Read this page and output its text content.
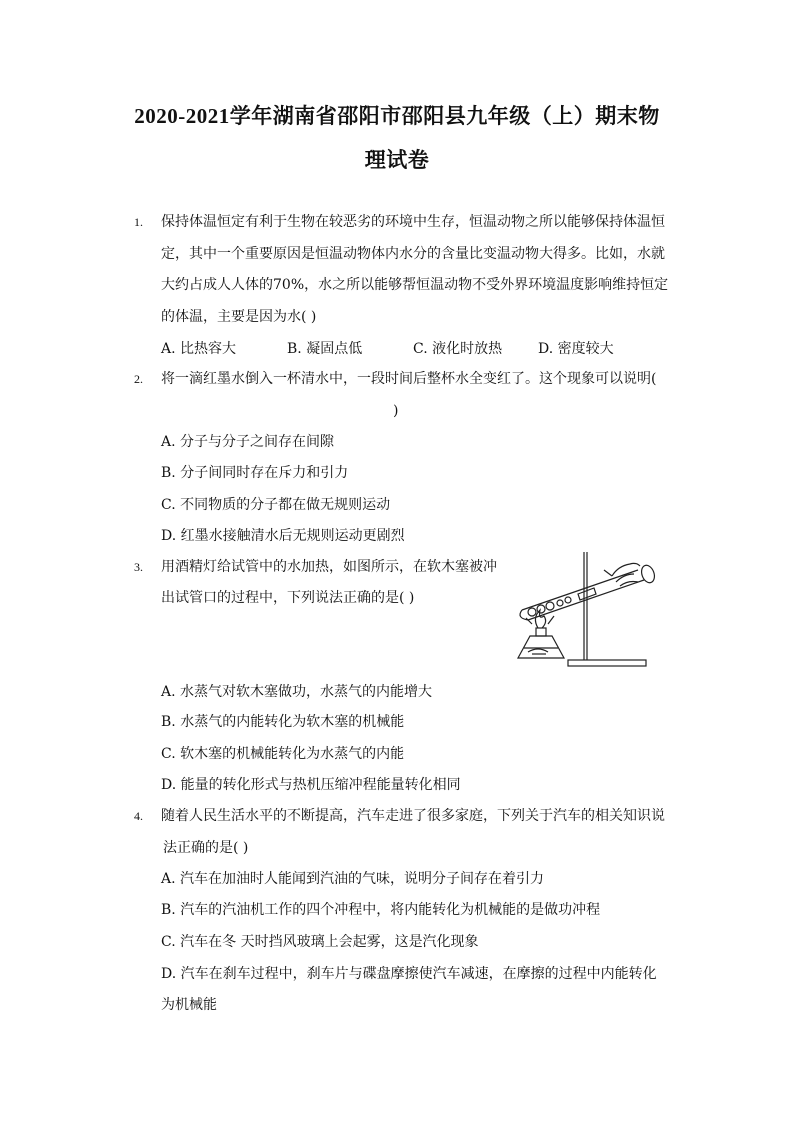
2020-2021学年湖南省邵阳市邵阳县九年级（上）期末物
理试卷
1. 保持体温恒定有利于生物在较恶劣的环境中生存，恒温动物之所以能够保持体温恒
定，其中一个重要原因是恒温动物体内水分的含量比变温动物大得多。比如，水就
大约占成人人体的70%，水之所以能够帮恒温动物不受外界环境温度影响维持恒定
的体温，主要是因为水( )
A. 比热容大	B. 凝固点低	C. 液化时放热	D. 密度较大
2. 将一滴红墨水倒入一杯清水中，一段时间后整杯水全变红了。这个现象可以说明(
)
A. 分子与分子之间存在间隙
B. 分子间同时存在斥力和引力
C. 不同物质的分子都在做无规则运动
D. 红墨水接触清水后无规则运动更剧烈
3. 用酒精灯给试管中的水加热，如图所示，在软木塞被冲
出试管口的过程中，下列说法正确的是( )
A. 水蒸气对软木塞做功，水蒸气的内能增大
B. 水蒸气的内能转化为软木塞的机械能
C. 软木塞的机械能转化为水蒸气的内能
D. 能量的转化形式与热机压缩冲程能量转化相同
4. 随着人民生活水平的不断提高，汽车走进了很多家庭，下列关于汽车的相关知识说
法正确的是( )
A. 汽车在加油时人能闻到汽油的气味，说明分子间存在着引力
B. 汽车的汽油机工作的四个冲程中，将内能转化为机械能的是做功冲程
C. 汽车在冬 天时挡风玻璃上会起雾，这是汽化现象
D. 汽车在刹车过程中，刹车片与碟盘摩擦使汽车减速，在摩擦的过程中内能转化
为机械能
